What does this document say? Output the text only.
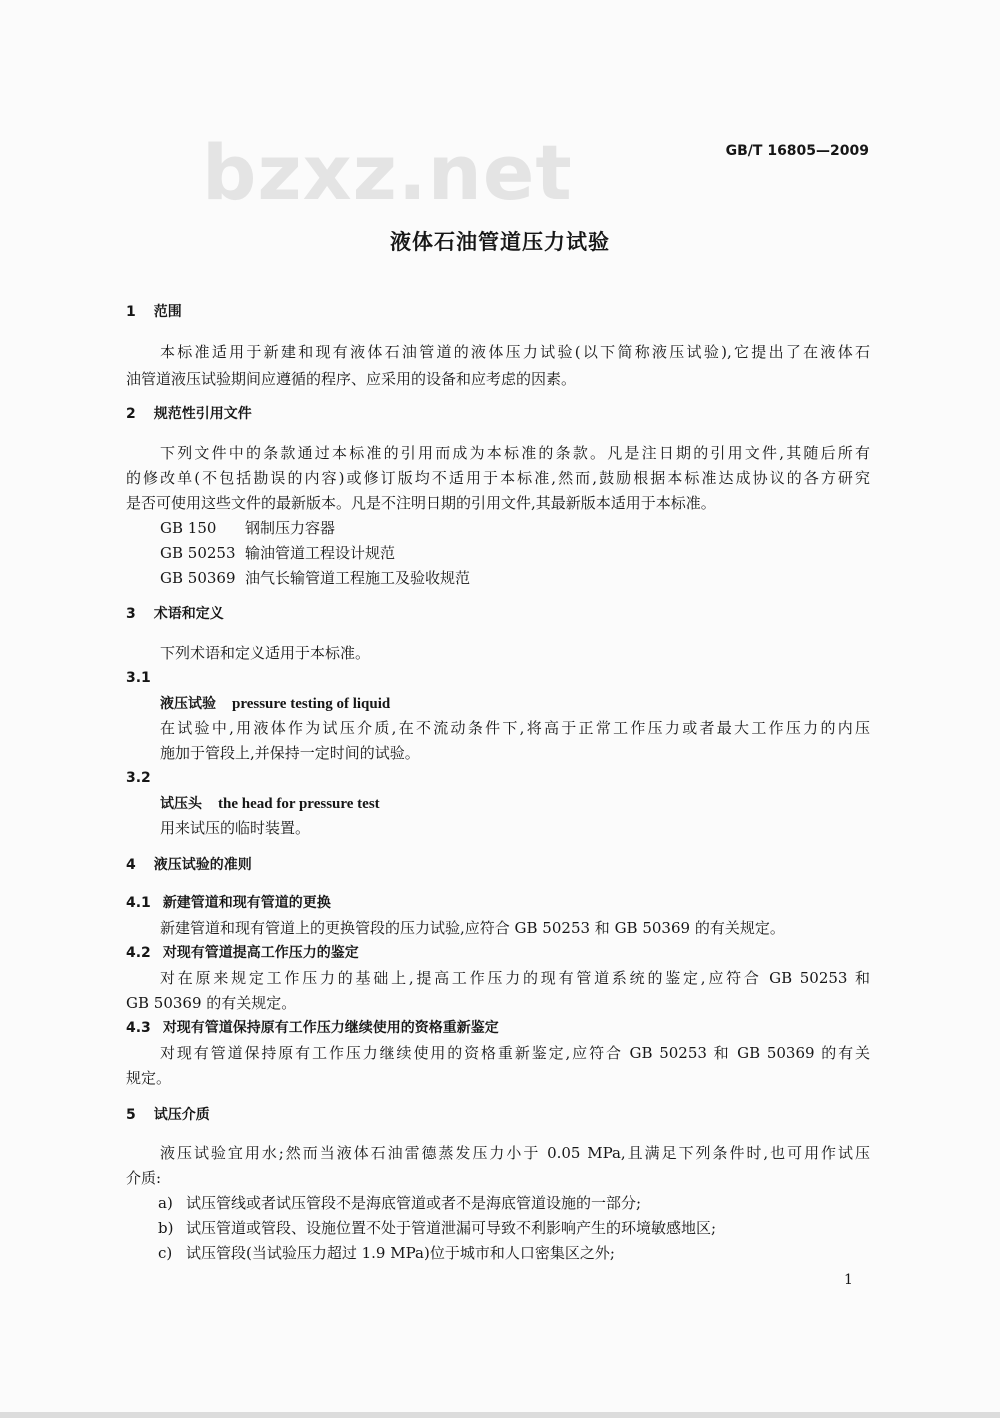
bzxz.net	GB/T 16805—2009
液体石油管道压力试验
1 范围
本标准适用于新建和现有液体石油管道的液体压力试验(以下简称液压试验),它提出了在液体石
油管道液压试验期间应遵循的程序、应采用的设备和应考虑的因素。
2 规范性引用文件
下列文件中的条款通过本标准的引用而成为本标准的条款。凡是注日期的引用文件,其随后所有
的修改单(不包括勘误的内容)或修订版均不适用于本标准,然而,鼓励根据本标准达成协议的各方研究
是否可使用这些文件的最新版本。凡是不注明日期的引用文件,其最新版本适用于本标准。
GB 150 钢制压力容器
GB 50253 输油管道工程设计规范
GB 50369 油气长输管道工程施工及验收规范
3 术语和定义
下列术语和定义适用于本标准。
3.1
液压试验 pressure testing of liquid
在试验中,用液体作为试压介质,在不流动条件下,将高于正常工作压力或者最大工作压力的内压
施加于管段上,并保持一定时间的试验。
3.2
试压头 the head for pressure test
用来试压的临时装置。
4 液压试验的准则
4.1 新建管道和现有管道的更换
新建管道和现有管道上的更换管段的压力试验,应符合 GB 50253 和 GB 50369 的有关规定。
4.2 对现有管道提高工作压力的鉴定
对在原来规定工作压力的基础上,提高工作压力的现有管道系统的鉴定,应符合 GB 50253 和
GB 50369 的有关规定。
4.3 对现有管道保持原有工作压力继续使用的资格重新鉴定
对现有管道保持原有工作压力继续使用的资格重新鉴定,应符合 GB 50253 和 GB 50369 的有关
规定。
5 试压介质
液压试验宜用水;然而当液体石油雷德蒸发压力小于 0.05 MPa,且满足下列条件时,也可用作试压
介质:
a) 试压管线或者试压管段不是海底管道或者不是海底管道设施的一部分;
b) 试压管道或管段、设施位置不处于管道泄漏可导致不利影响产生的环境敏感地区;
c) 试压管段(当试验压力超过 1.9 MPa)位于城市和人口密集区之外;
1
